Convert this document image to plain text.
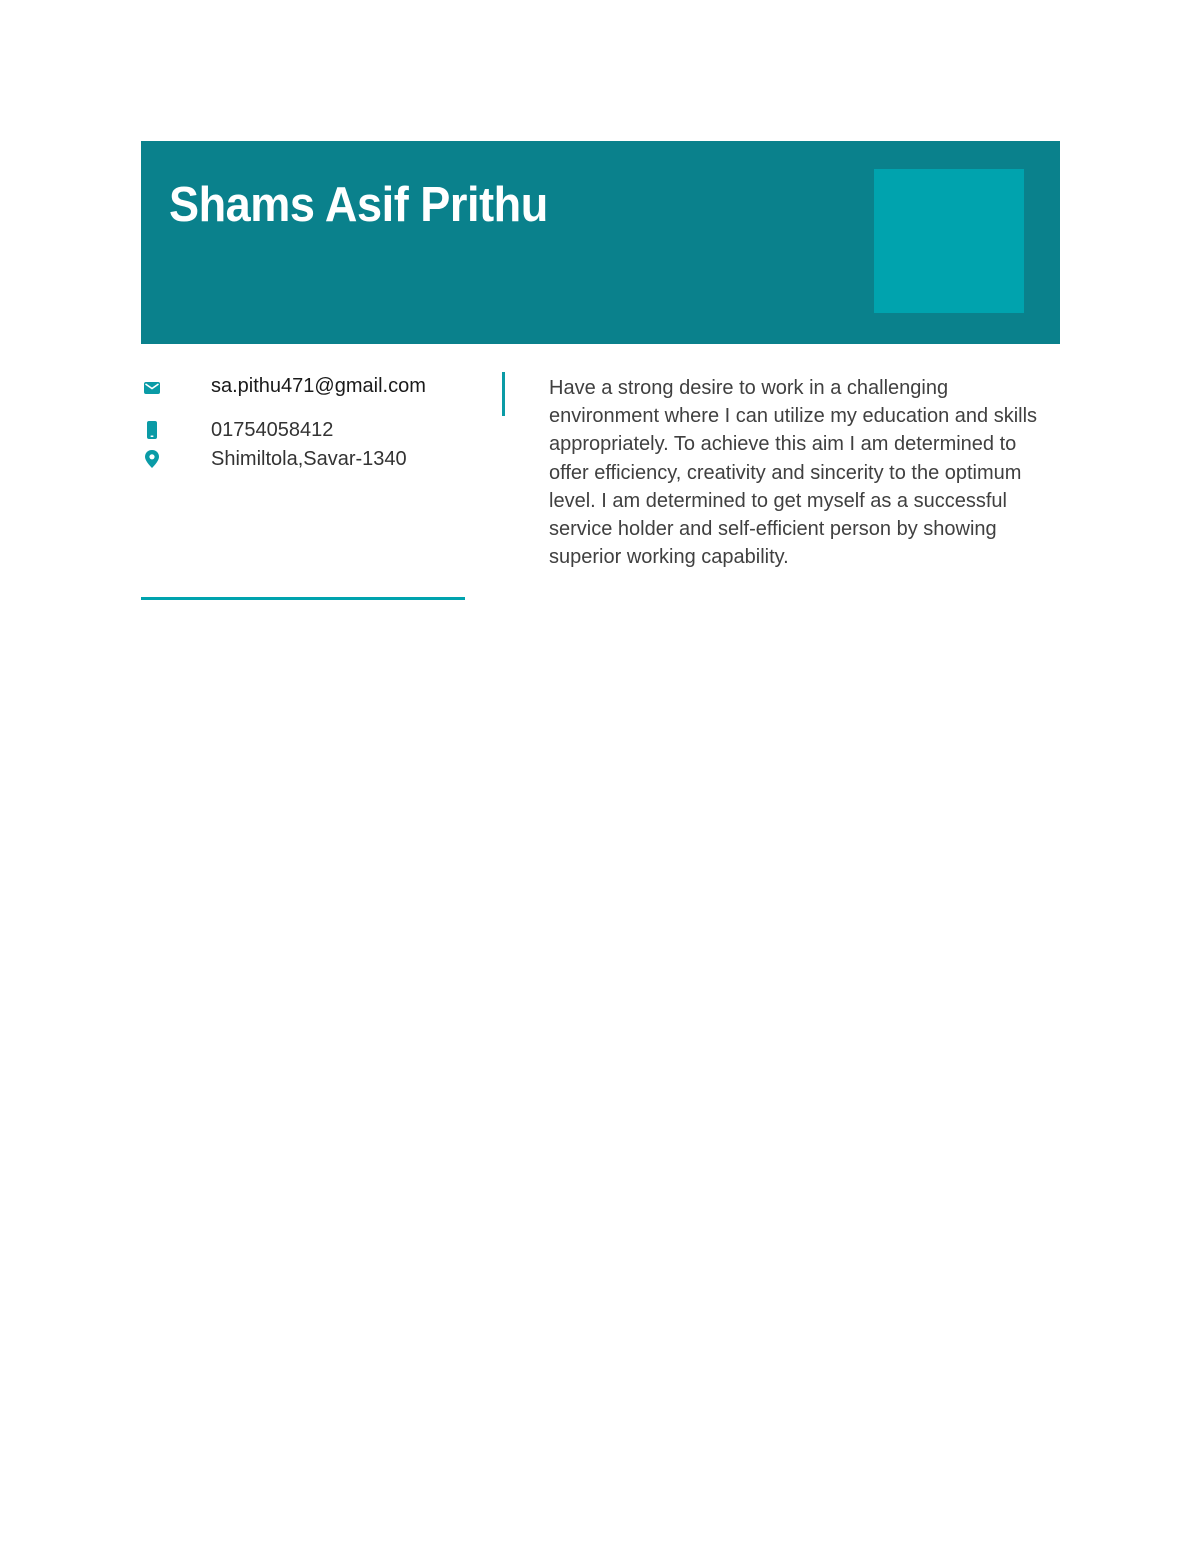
Shams Asif Prithu
sa.pithu471@gmail.com
01754058412
Shimiltola,Savar-1340

Have a strong desire to work in a challenging environment where I can utilize my education and skills appropriately. To achieve this aim I am determined to offer efficiency, creativity and sincerity to the optimum level. I am determined to get myself as a successful service holder and self-efficient person by showing superior working capability.
